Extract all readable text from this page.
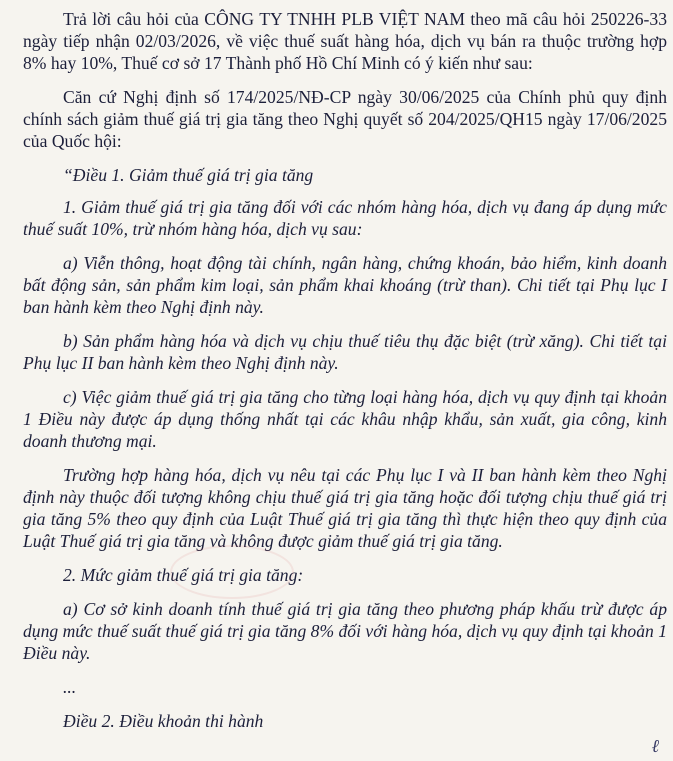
Trả lời câu hỏi của CÔNG TY TNHH PLB VIỆT NAM theo mã câu hỏi 250226-33 ngày tiếp nhận 02/03/2026, về việc thuế suất hàng hóa, dịch vụ bán ra thuộc trường hợp 8% hay 10%, Thuế cơ sở 17 Thành phố Hồ Chí Minh có ý kiến như sau:

Căn cứ Nghị định số 174/2025/NĐ-CP ngày 30/06/2025 của Chính phủ quy định chính sách giảm thuế giá trị gia tăng theo Nghị quyết số 204/2025/QH15 ngày 17/06/2025 của Quốc hội:

“Điều 1. Giảm thuế giá trị gia tăng

1. Giảm thuế giá trị gia tăng đối với các nhóm hàng hóa, dịch vụ đang áp dụng mức thuế suất 10%, trừ nhóm hàng hóa, dịch vụ sau:

a) Viễn thông, hoạt động tài chính, ngân hàng, chứng khoán, bảo hiểm, kinh doanh bất động sản, sản phẩm kim loại, sản phẩm khai khoáng (trừ than). Chi tiết tại Phụ lục I ban hành kèm theo Nghị định này.

b) Sản phẩm hàng hóa và dịch vụ chịu thuế tiêu thụ đặc biệt (trừ xăng). Chi tiết tại Phụ lục II ban hành kèm theo Nghị định này.

c) Việc giảm thuế giá trị gia tăng cho từng loại hàng hóa, dịch vụ quy định tại khoản 1 Điều này được áp dụng thống nhất tại các khâu nhập khẩu, sản xuất, gia công, kinh doanh thương mại.

Trường hợp hàng hóa, dịch vụ nêu tại các Phụ lục I và II ban hành kèm theo Nghị định này thuộc đối tượng không chịu thuế giá trị gia tăng hoặc đối tượng chịu thuế giá trị gia tăng 5% theo quy định của Luật Thuế giá trị gia tăng thì thực hiện theo quy định của Luật Thuế giá trị gia tăng và không được giảm thuế giá trị gia tăng.

2. Mức giảm thuế giá trị gia tăng:

a) Cơ sở kinh doanh tính thuế giá trị gia tăng theo phương pháp khấu trừ được áp dụng mức thuế suất thuế giá trị gia tăng 8% đối với hàng hóa, dịch vụ quy định tại khoản 1 Điều này.

...

Điều 2. Điều khoản thi hành

ℓ
